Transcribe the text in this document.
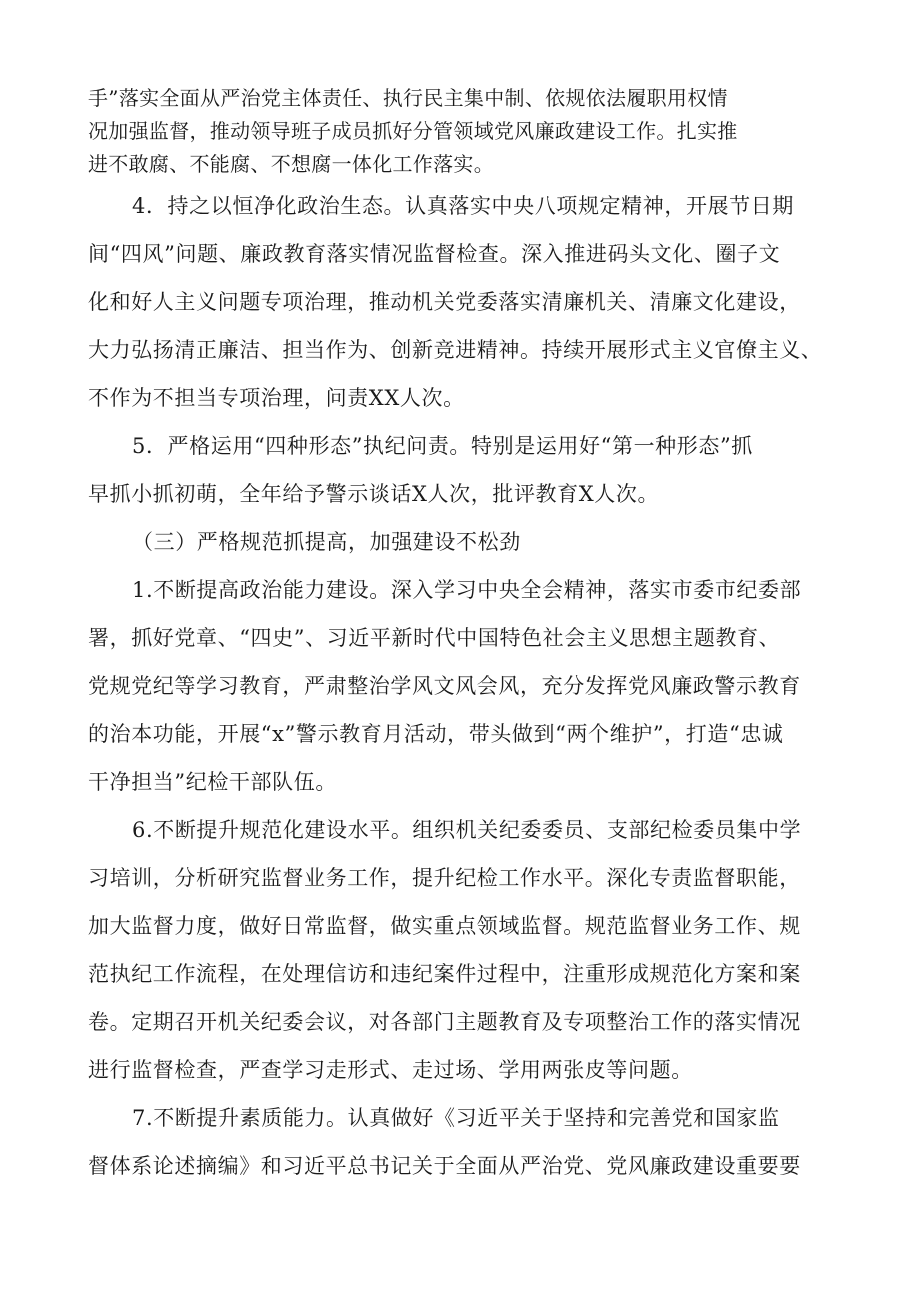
手”落实全面从严治党主体责任、执行民主集中制、依规依法履职用权情
况加强监督，推动领导班子成员抓好分管领域党风廉政建设工作。扎实推
进不敢腐、不能腐、不想腐一体化工作落实。
4．持之以恒净化政治生态。认真落实中央八项规定精神，开展节日期
间“四风”问题、廉政教育落实情况监督检查。深入推进码头文化、圈子文
化和好人主义问题专项治理，推动机关党委落实清廉机关、清廉文化建设，
大力弘扬清正廉洁、担当作为、创新竞进精神。持续开展形式主义官僚主义、
不作为不担当专项治理，问责XX人次。
5．严格运用“四种形态”执纪问责。特别是运用好“第一种形态”抓
早抓小抓初萌，全年给予警示谈话X人次，批评教育X人次。
（三）严格规范抓提高，加强建设不松劲
1.不断提高政治能力建设。深入学习中央全会精神，落实市委市纪委部
署，抓好党章、“四史”、习近平新时代中国特色社会主义思想主题教育、
党规党纪等学习教育，严肃整治学风文风会风，充分发挥党风廉政警示教育
的治本功能，开展“x”警示教育月活动，带头做到“两个维护”，打造“忠诚
干净担当”纪检干部队伍。
6.不断提升规范化建设水平。组织机关纪委委员、支部纪检委员集中学
习培训，分析研究监督业务工作，提升纪检工作水平。深化专责监督职能，
加大监督力度，做好日常监督，做实重点领域监督。规范监督业务工作、规
范执纪工作流程，在处理信访和违纪案件过程中，注重形成规范化方案和案
卷。定期召开机关纪委会议，对各部门主题教育及专项整治工作的落实情况
进行监督检查，严查学习走形式、走过场、学用两张皮等问题。
7.不断提升素质能力。认真做好《习近平关于坚持和完善党和国家监
督体系论述摘编》和习近平总书记关于全面从严治党、党风廉政建设重要要
